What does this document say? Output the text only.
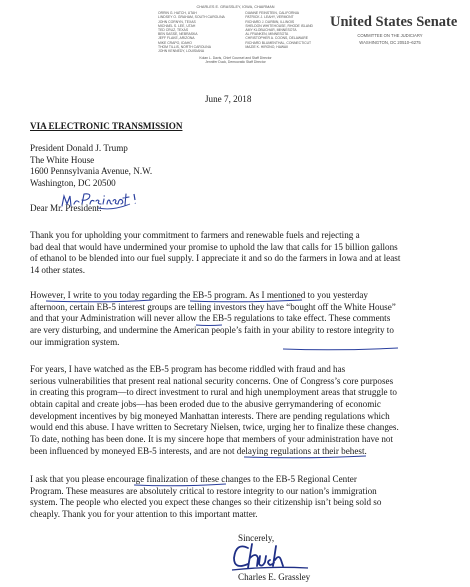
CHARLES E. GRASSLEY, IOWA, CHAIRMAN
ORRIN G. HATCH, UTAH
LINDSEY O. GRAHAM, SOUTH CAROLINA
JOHN CORNYN, TEXAS
MICHAEL S. LEE, UTAH
TED CRUZ, TEXAS
BEN SASSE, NEBRASKA
JEFF FLAKE, ARIZONA
MIKE CRAPO, IDAHO
THOM TILLIS, NORTH CAROLINA
JOHN KENNEDY, LOUISIANA
DIANNE FEINSTEIN, CALIFORNIA
PATRICK J. LEAHY, VERMONT
RICHARD J. DURBIN, ILLINOIS
SHELDON WHITEHOUSE, RHODE ISLAND
AMY KLOBUCHAR, MINNESOTA
AL FRANKEN, MINNESOTA
CHRISTOPHER A. COONS, DELAWARE
RICHARD BLUMENTHAL, CONNECTICUT
MAZIE K. HIRONO, HAWAII
Kolan L. Davis, Chief Counsel and Staff Director
Jennifer Duck, Democratic Staff Director
United States Senate
COMMITTEE ON THE JUDICIARY
WASHINGTON, DC 20510–6275
June 7, 2018
VIA ELECTRONIC TRANSMISSION
President Donald J. Trump
The White House
1600 Pennsylvania Avenue, N.W.
Washington, DC 20500
Dear Mr. President:
Thank you for upholding your commitment to farmers and renewable fuels and rejecting a
bad deal that would have undermined your promise to uphold the law that calls for 15 billion gallons
of ethanol to be blended into our fuel supply. I appreciate it and so do the farmers in Iowa and at least
14 other states.
However, I write to you today regarding the EB-5 program. As I mentioned to you yesterday
afternoon, certain EB-5 interest groups are telling investors they have “bought off the White House”
and that your Administration will never allow the EB-5 regulations to take effect. These comments
are very disturbing, and undermine the American people’s faith in your ability to restore integrity to
our immigration system.
For years, I have watched as the EB-5 program has become riddled with fraud and has
serious vulnerabilities that present real national security concerns. One of Congress’s core purposes
in creating this program—to direct investment to rural and high unemployment areas that struggle to
obtain capital and create jobs—has been eroded due to the abusive gerrymandering of economic
development incentives by big moneyed Manhattan interests. There are pending regulations which
would end this abuse. I have written to Secretary Nielsen, twice, urging her to finalize these changes.
To date, nothing has been done. It is my sincere hope that members of your administration have not
been influenced by moneyed EB-5 interests, and are not delaying regulations at their behest.
I ask that you please encourage finalization of these changes to the EB-5 Regional Center
Program. These measures are absolutely critical to restore integrity to our nation’s immigration
system. The people who elected you expect these changes so their citizenship isn’t being sold so
cheaply. Thank you for your attention to this important matter.
Sincerely,
Charles E. Grassley
